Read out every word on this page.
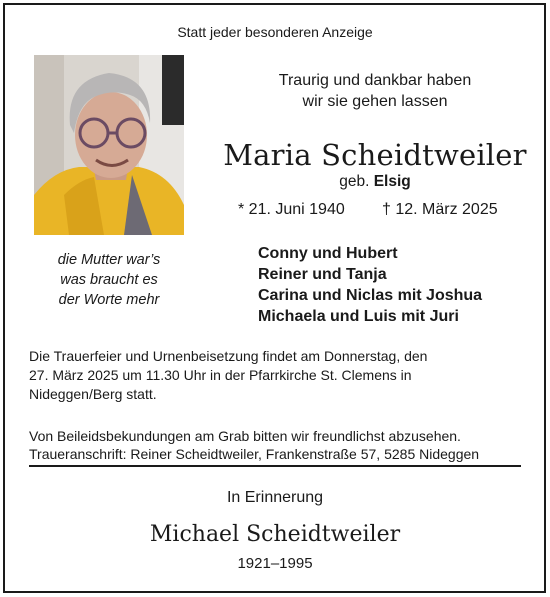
Statt jeder besonderen Anzeige

die Mutter war’s
was braucht es
der Worte mehr
Traurig und dankbar haben
wir sie gehen lassen

Maria Scheidtweiler

geb. Elsig

* 21. Juni 1940 † 12. März 2025
Conny und Hubert
Reiner und Tanja
Carina und Niclas mit Joshua
Michaela und Luis mit Juri
Die Trauerfeier und Urnenbeisetzung findet am Donnerstag, den
27. März 2025 um 11.30 Uhr in der Pfarrkirche St. Clemens in
Nideggen/Berg statt.

Von Beileidsbekundungen am Grab bitten wir freundlichst abzusehen.

Traueranschrift: Reiner Scheidtweiler, Frankenstraße 57, 5285 Nideggen

In Erinnerung

Michael Scheidtweiler

1921–1995
